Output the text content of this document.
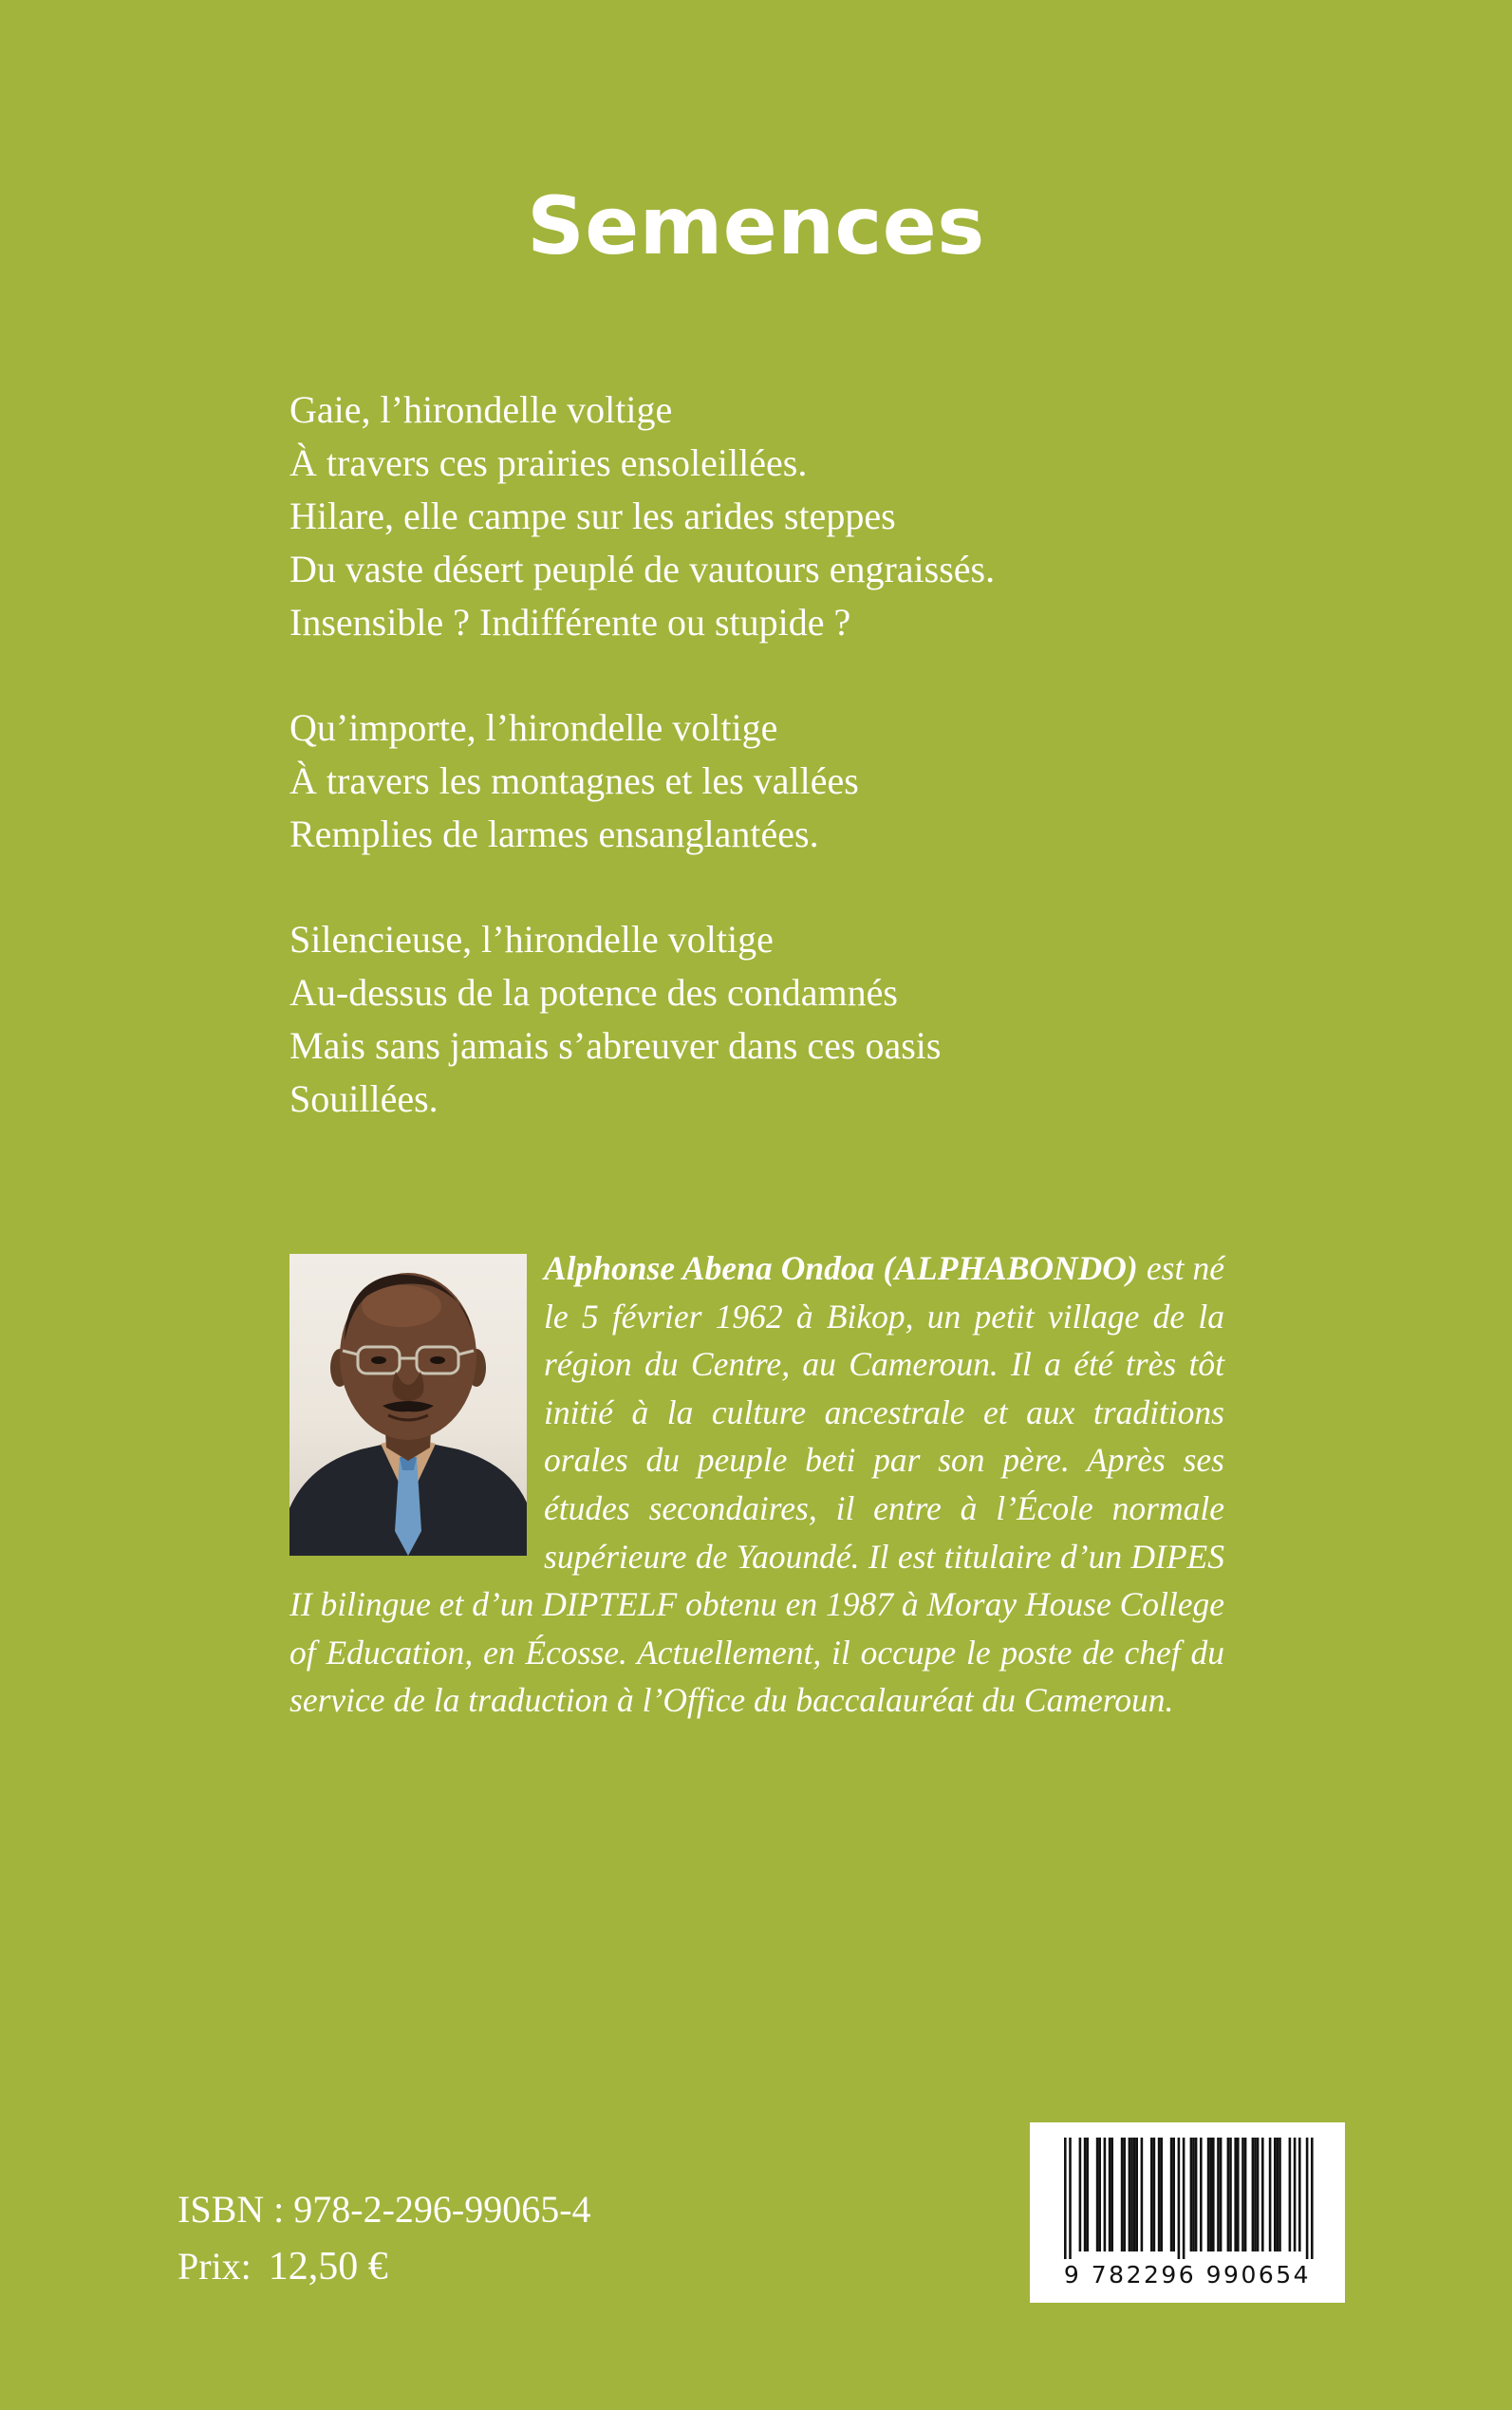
Semences
Gaie, l’hirondelle voltige
À travers ces prairies ensoleillées.
Hilare, elle campe sur les arides steppes
Du vaste désert peuplé de vautours engraissés.
Insensible ? Indifférente ou stupide ?
Qu’importe, l’hirondelle voltige
À travers les montagnes et les vallées
Remplies de larmes ensanglantées.
Silencieuse, l’hirondelle voltige
Au-dessus de la potence des condamnés
Mais sans jamais s’abreuver dans ces oasis
Souillées.
Alphonse Abena Ondoa (ALPHABONDO) est né le 5 février 1962 à Bikop, un petit village de la région du Centre, au Cameroun. Il a été très tôt initié à la culture ancestrale et aux traditions orales du peuple beti par son père. Après ses études secondaires, il entre à l’École normale supérieure de Yaoundé. Il est titulaire d’un DIPES II bilingue et d’un DIPTELF obtenu en 1987 à Moray House College of Education, en Écosse. Actuellement, il occupe le poste de chef du service de la traduction à l’Office du baccalauréat du Cameroun.
ISBN : 978-2-296-99065-4
Prix: 12,50 €	9 782296 990654
